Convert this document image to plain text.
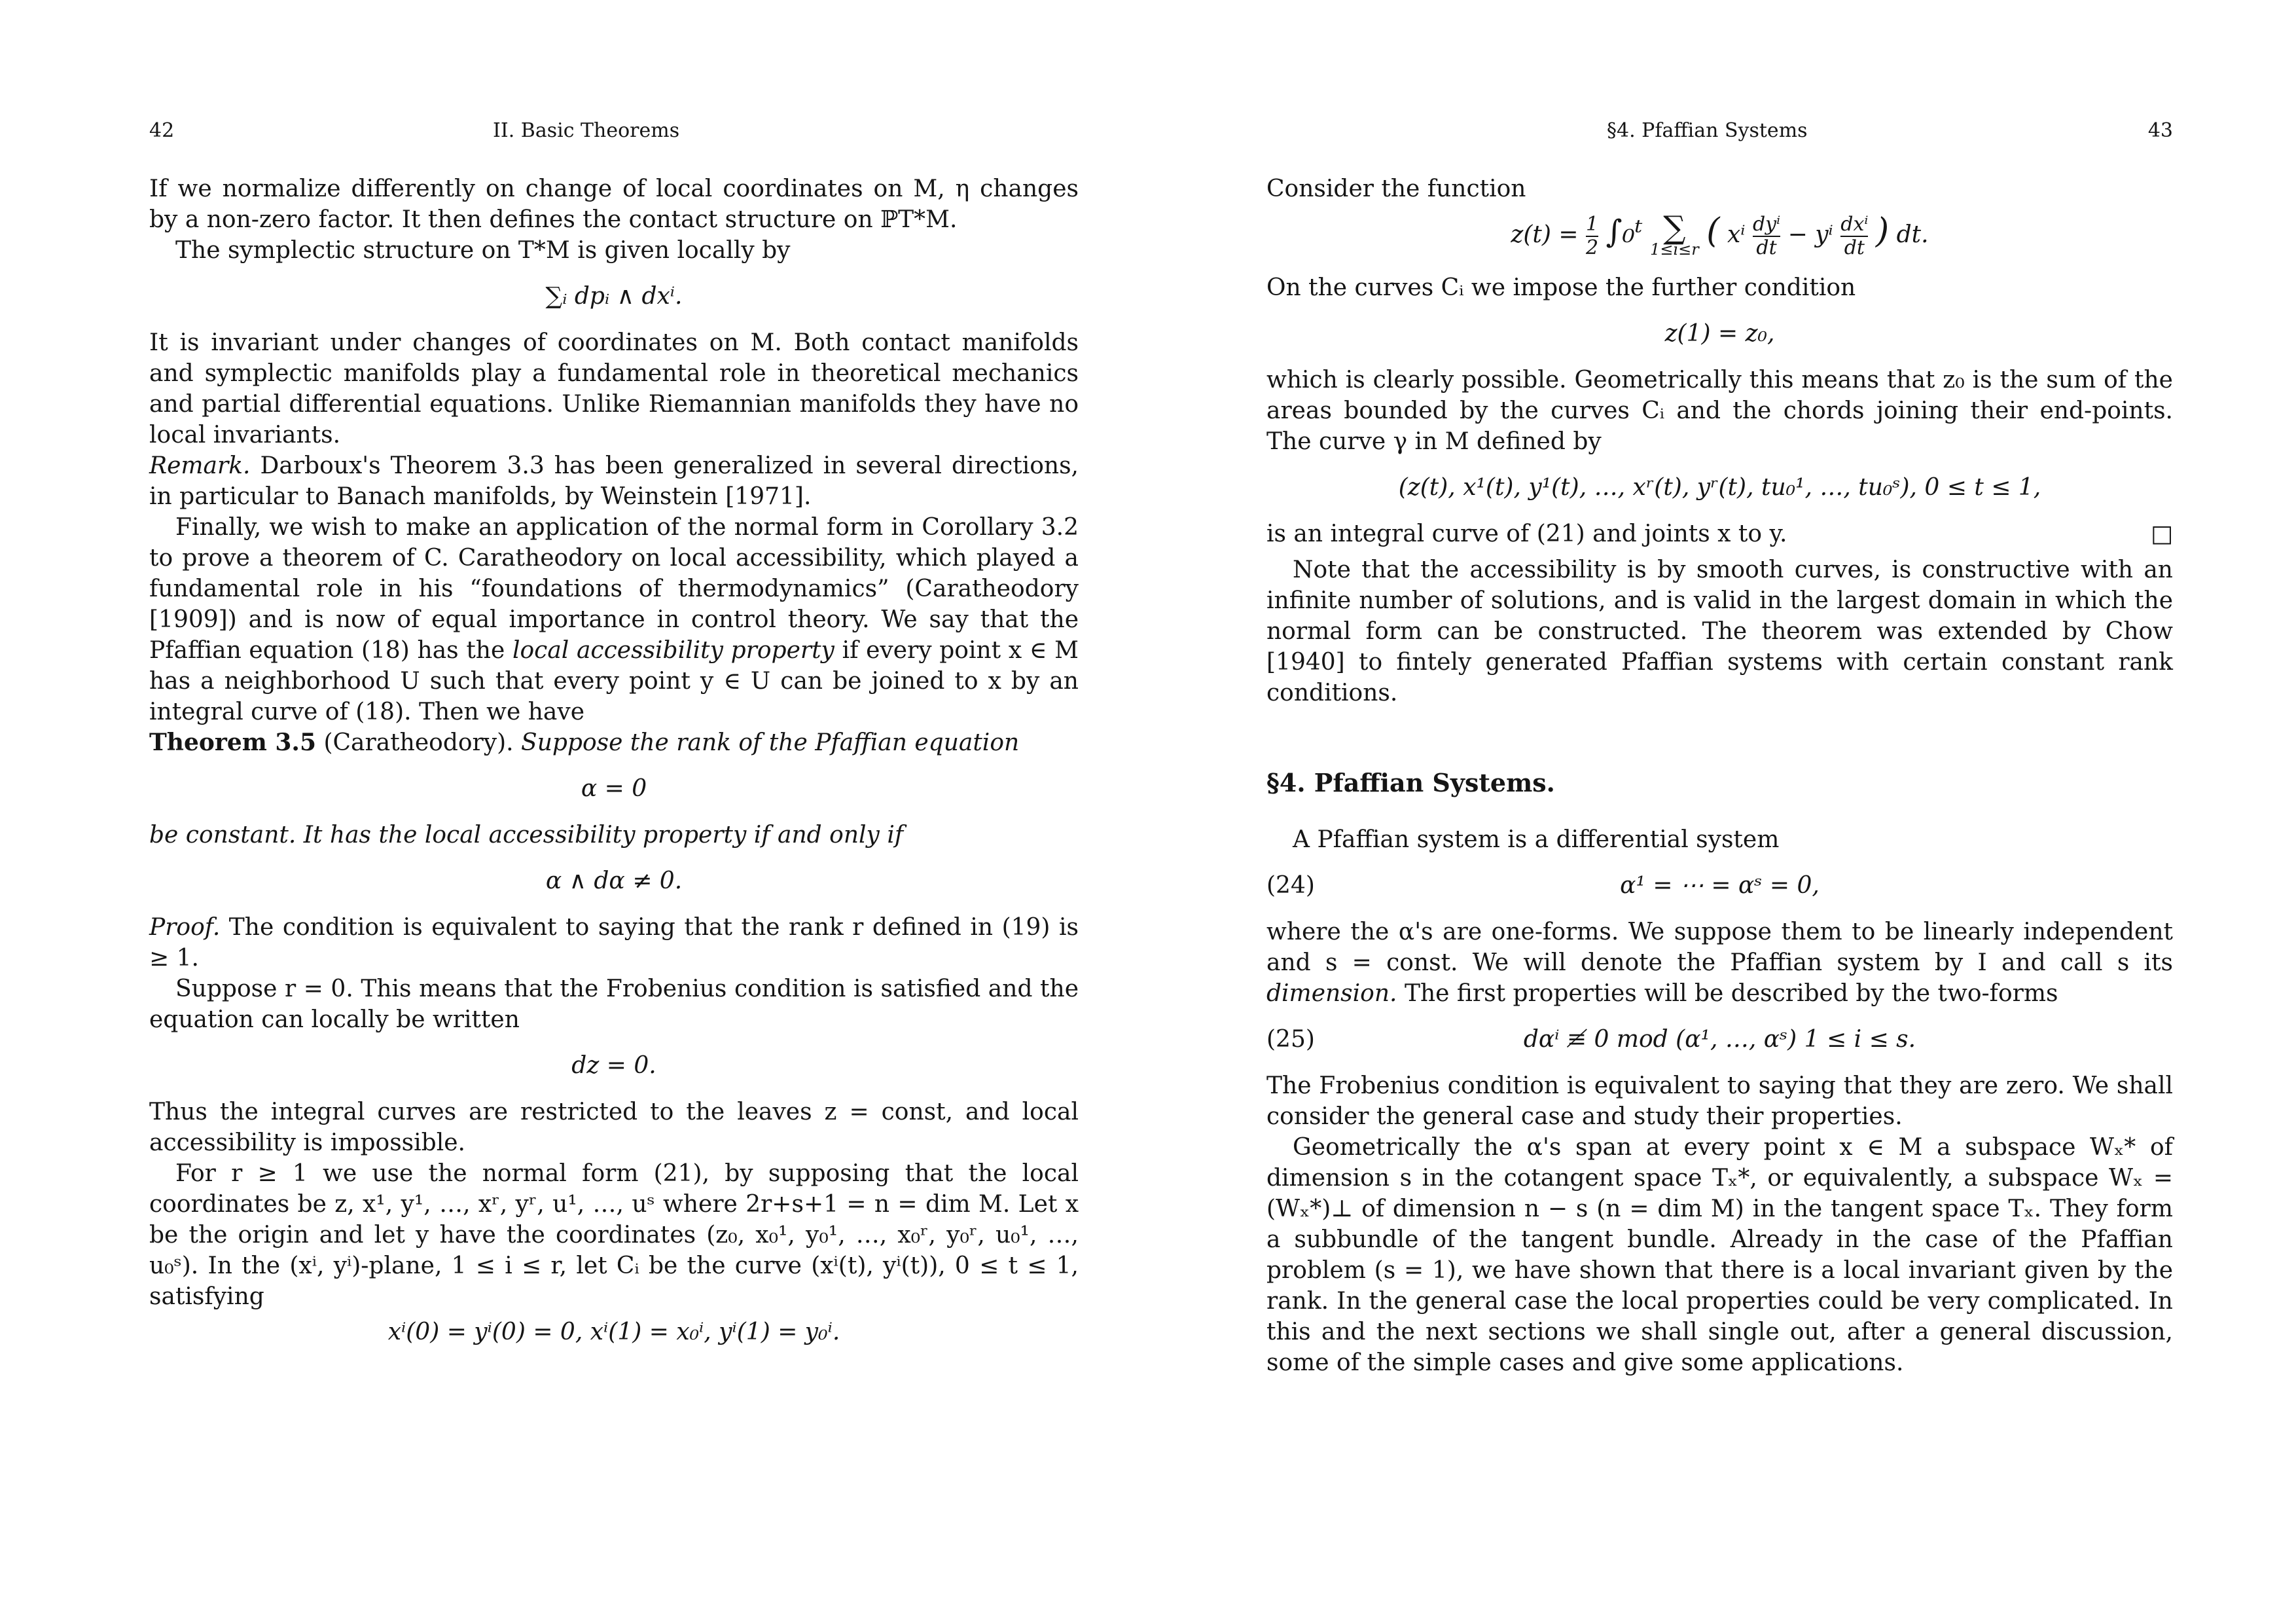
42	II. Basic Theorems

If we normalize differently on change of local coordinates on M, η changes by a non-zero factor. It then defines the contact structure on ℙT*M.

The symplectic structure on T*M is given locally by

∑ᵢ dpᵢ ∧ dxⁱ.

It is invariant under changes of coordinates on M. Both contact manifolds and symplectic manifolds play a fundamental role in theoretical mechanics and partial differential equations. Unlike Riemannian manifolds they have no local invariants.

Remark. Darboux's Theorem 3.3 has been generalized in several directions, in particular to Banach manifolds, by Weinstein [1971].

Finally, we wish to make an application of the normal form in Corollary 3.2 to prove a theorem of C. Caratheodory on local accessibility, which played a fundamental role in his “foundations of thermodynamics” (Caratheodory [1909]) and is now of equal importance in control theory. We say that the Pfaffian equation (18) has the local accessibility property if every point x ∈ M has a neighborhood U such that every point y ∈ U can be joined to x by an integral curve of (18). Then we have

Theorem 3.5 (Caratheodory). Suppose the rank of the Pfaffian equation

α = 0

be constant. It has the local accessibility property if and only if

α ∧ dα ≠ 0.

Proof. The condition is equivalent to saying that the rank r defined in (19) is ≥ 1.

Suppose r = 0. This means that the Frobenius condition is satisfied and the equation can locally be written

dz = 0.

Thus the integral curves are restricted to the leaves z = const, and local accessibility is impossible.

For r ≥ 1 we use the normal form (21), by supposing that the local coordinates be z, x¹, y¹, …, xʳ, yʳ, u¹, …, uˢ where 2r+s+1 = n = dim M. Let x be the origin and let y have the coordinates (z₀, x₀¹, y₀¹, …, x₀ʳ, y₀ʳ, u₀¹, …, u₀ˢ). In the (xⁱ, yⁱ)-plane, 1 ≤ i ≤ r, let Cᵢ be the curve (xⁱ(t), yⁱ(t)), 0 ≤ t ≤ 1, satisfying

xⁱ(0) = yⁱ(0) = 0, xⁱ(1) = x₀ⁱ, yⁱ(1) = y₀ⁱ.
§4. Pfaffian Systems	43

Consider the function

$z(t) = \frac{1}{2}$ ∫₀ᵗ ∑
1≤i≤r ( xⁱ dyⁱ
dt − yⁱ dxⁱ
dt ) dt.

On the curves Cᵢ we impose the further condition

z(1) = z₀,

which is clearly possible. Geometrically this means that z₀ is the sum of the areas bounded by the curves Cᵢ and the chords joining their end-points. The curve γ in M defined by

(z(t), x¹(t), y¹(t), …, xʳ(t), yʳ(t), tu₀¹, …, tu₀ˢ), 0 ≤ t ≤ 1,

is an integral curve of (21) and joints x to y.	□

Note that the accessibility is by smooth curves, is constructive with an infinite number of solutions, and is valid in the largest domain in which the normal form can be constructed. The theorem was extended by Chow [1940] to fintely generated Pfaffian systems with certain constant rank conditions.

§4. Pfaffian Systems.

A Pfaffian system is a differential system

(24)	α¹ = ⋯ = αˢ = 0,

where the α's are one-forms. We suppose them to be linearly independent and s = const. We will denote the Pfaffian system by I and call s its dimension. The first properties will be described by the two-forms

(25)	dαⁱ ≢ 0 mod (α¹, …, αˢ) 1 ≤ i ≤ s.

The Frobenius condition is equivalent to saying that they are zero. We shall consider the general case and study their properties.

Geometrically the α's span at every point x ∈ M a subspace Wₓ* of dimension s in the cotangent space Tₓ*, or equivalently, a subspace Wₓ = (Wₓ*)⊥ of dimension n − s (n = dim M) in the tangent space Tₓ. They form a subbundle of the tangent bundle. Already in the case of the Pfaffian problem (s = 1), we have shown that there is a local invariant given by the rank. In the general case the local properties could be very complicated. In this and the next sections we shall single out, after a general discussion, some of the simple cases and give some applications.
